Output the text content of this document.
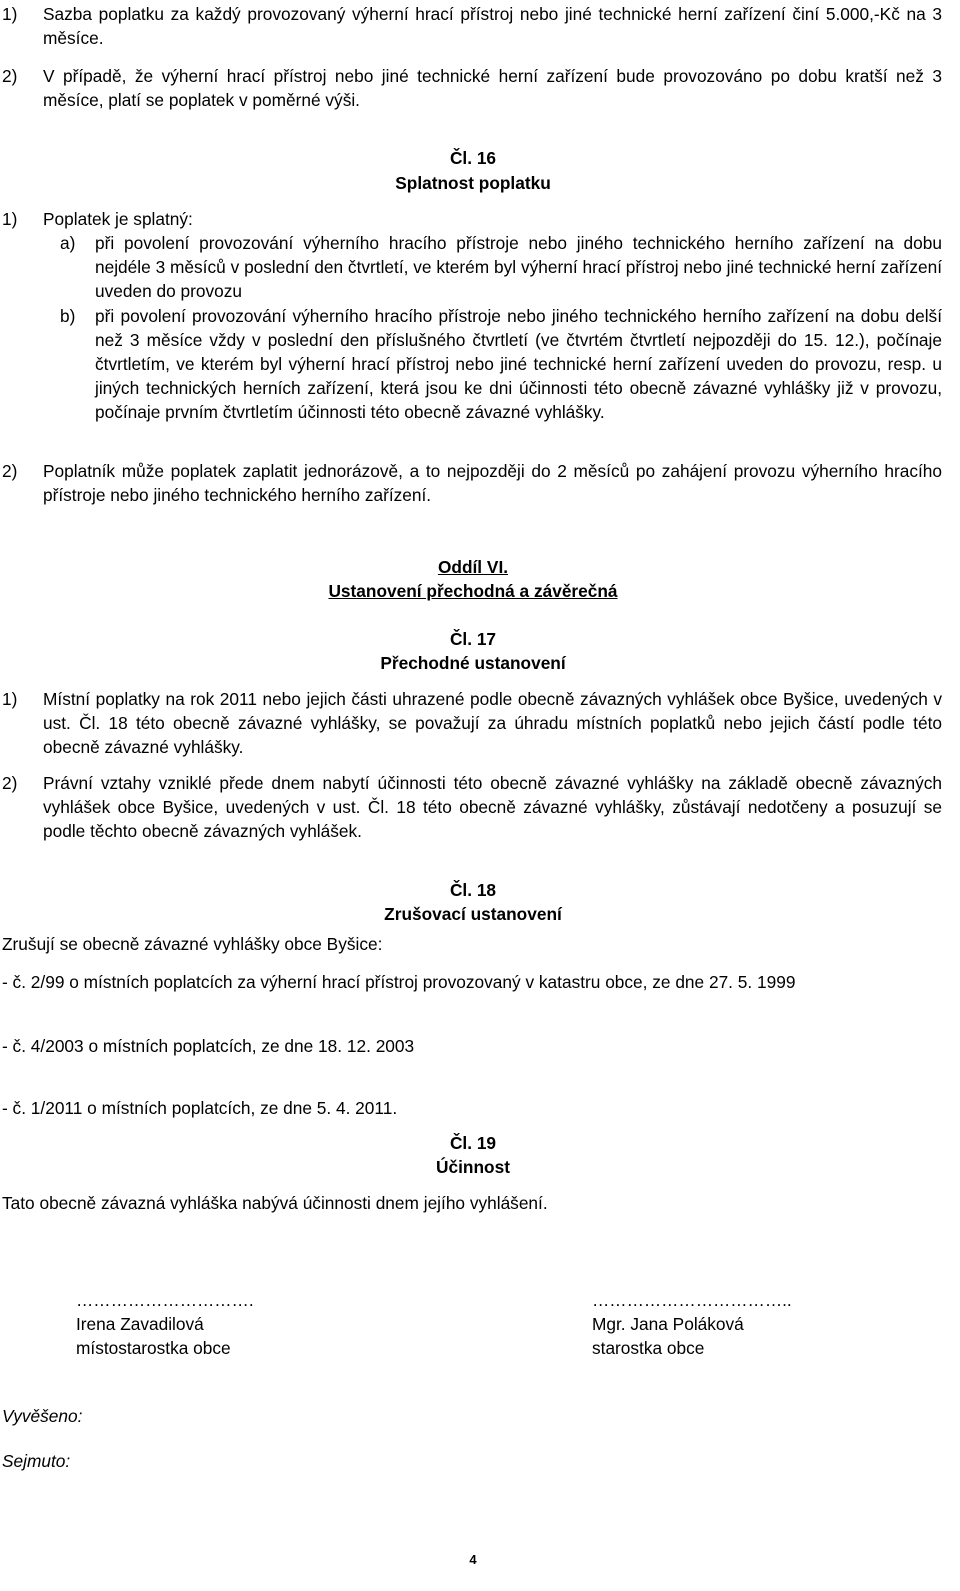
1)	Sazba poplatku za každý provozovaný výherní hrací přístroj nebo jiné technické herní zařízení činí 5.000,-Kč na 3 měsíce.
2)	V případě, že výherní hrací přístroj nebo jiné technické herní zařízení bude provozováno po dobu kratší než 3 měsíce, platí se poplatek v poměrné výši.
Čl. 16
Splatnost poplatku
1)	Poplatek je splatný:
a)	při povolení provozování výherního hracího přístroje nebo jiného technického herního zařízení na dobu nejdéle 3 měsíců v poslední den čtvrtletí, ve kterém byl výherní hrací přístroj nebo jiné technické herní zařízení uveden do provozu
b)	při povolení provozování výherního hracího přístroje nebo jiného technického herního zařízení na dobu delší než 3 měsíce vždy v poslední den příslušného čtvrtletí (ve čtvrtém čtvrtletí nejpozději do 15. 12.), počínaje čtvrtletím, ve kterém byl výherní hrací přístroj nebo jiné technické herní zařízení uveden do provozu, resp. u jiných technických herních zařízení, která jsou ke dni účinnosti této obecně závazné vyhlášky již v provozu, počínaje prvním čtvrtletím účinnosti této obecně závazné vyhlášky.
2)	Poplatník může poplatek zaplatit jednorázově, a to nejpozději do 2 měsíců po zahájení provozu výherního hracího přístroje nebo jiného technického herního zařízení.
Oddíl VI.
Ustanovení přechodná a závěrečná
Čl. 17
Přechodné ustanovení
1)	Místní poplatky na rok 2011 nebo jejich části uhrazené podle obecně závazných vyhlášek obce Byšice, uvedených v ust. Čl. 18 této obecně závazné vyhlášky, se považují za úhradu místních poplatků nebo jejich částí podle této obecně závazné vyhlášky.
2)	Právní vztahy vzniklé přede dnem nabytí účinnosti této obecně závazné vyhlášky na základě obecně závazných vyhlášek obce Byšice, uvedených v ust. Čl. 18 této obecně závazné vyhlášky, zůstávají nedotčeny a posuzují se podle těchto obecně závazných vyhlášek.
Čl. 18
Zrušovací ustanovení
Zrušují se obecně závazné vyhlášky obce Byšice:
- č. 2/99 o místních poplatcích za výherní hrací přístroj provozovaný v katastru obce, ze dne 27. 5. 1999
- č. 4/2003 o místních poplatcích, ze dne 18. 12. 2003
- č. 1/2011 o místních poplatcích, ze dne 5. 4. 2011.
Čl. 19
Účinnost
Tato obecně závazná vyhláška nabývá účinnosti dnem jejího vyhlášení.
………………………….
Irena Zavadilová
místostarostka obce
……………………………..
Mgr. Jana Poláková
starostka obce
Vyvěšeno:
Sejmuto:
4
